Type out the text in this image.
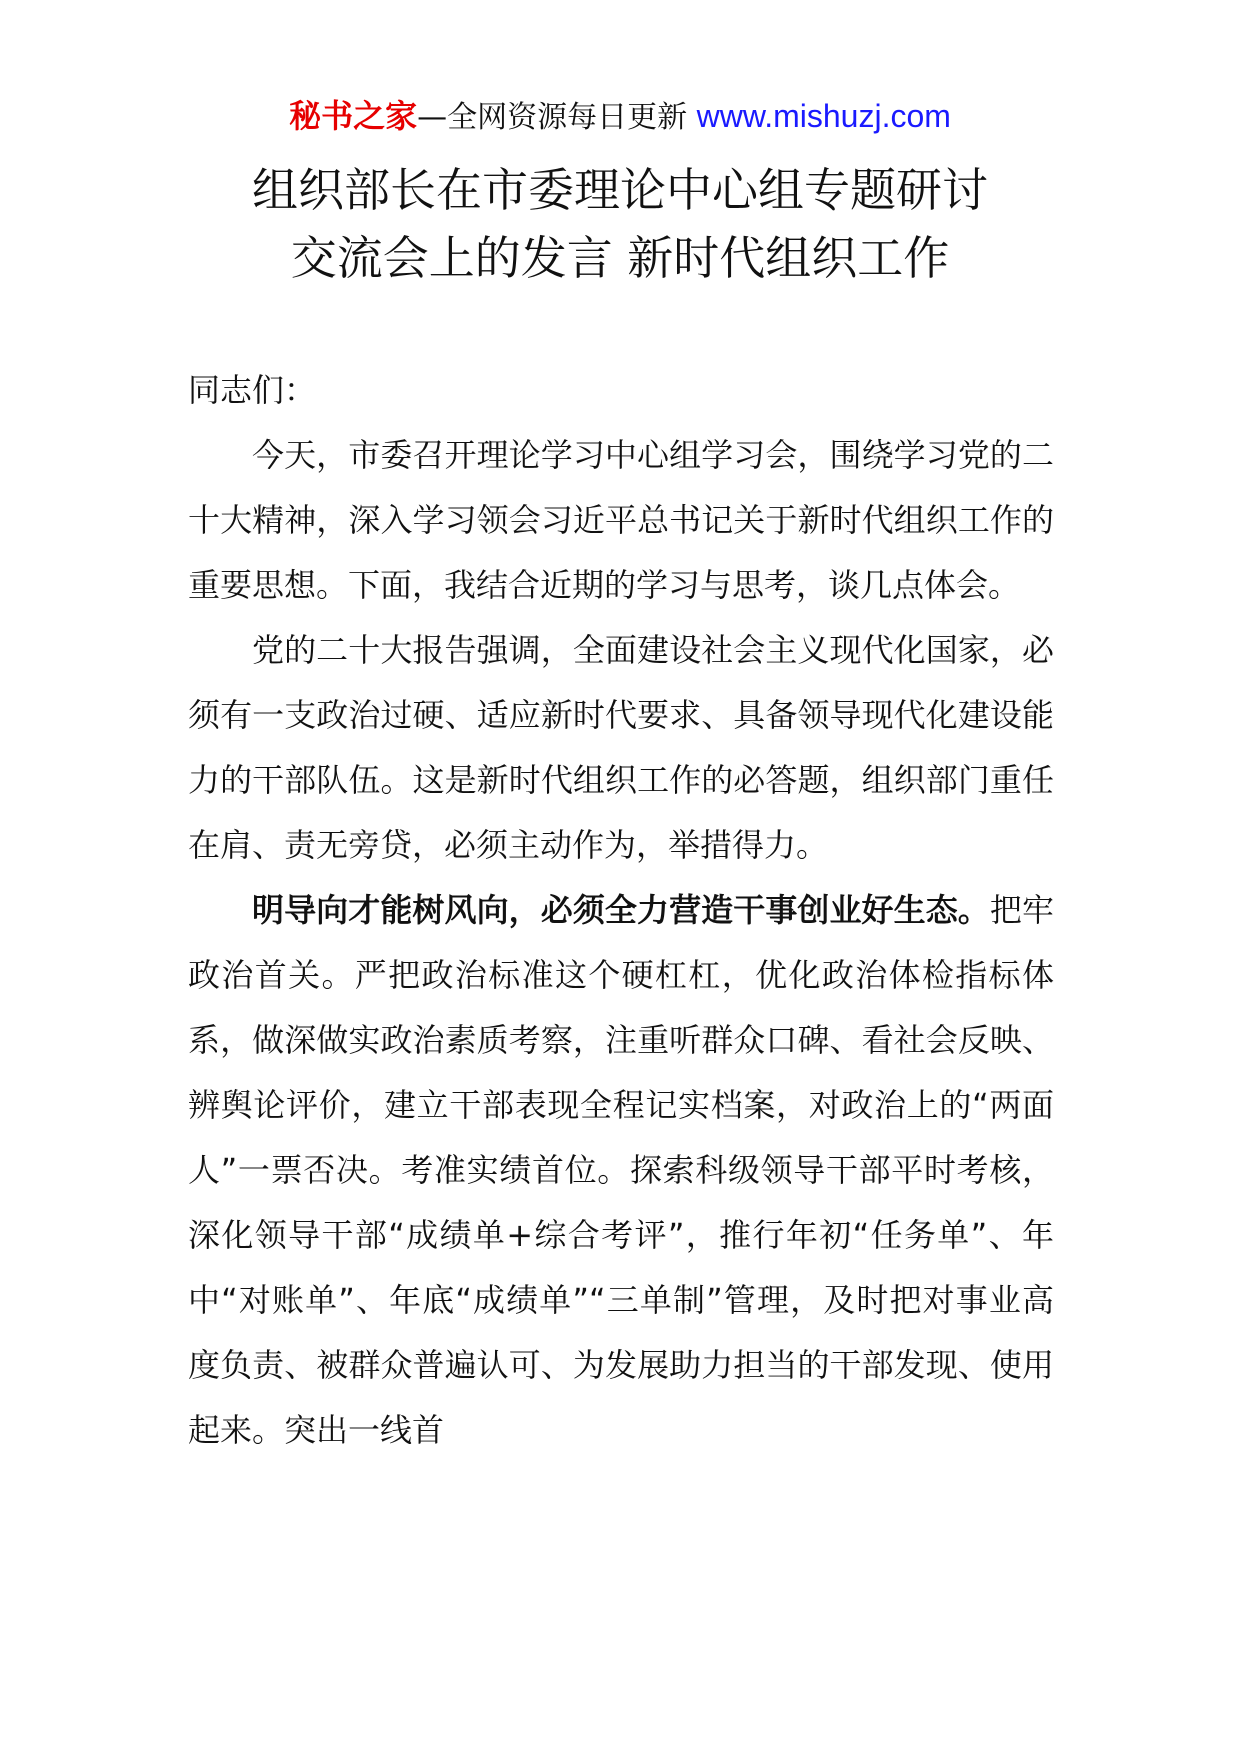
秘书之家—全网资源每日更新 www.mishuzj.com
组织部长在市委理论中心组专题研讨
交流会上的发言 新时代组织工作

同志们：

今天，市委召开理论学习中心组学习会，围绕学习党的二十大精神，深入学习领会习近平总书记关于新时代组织工作的重要思想。下面，我结合近期的学习与思考，谈几点体会。

党的二十大报告强调，全面建设社会主义现代化国家，必须有一支政治过硬、适应新时代要求、具备领导现代化建设能力的干部队伍。这是新时代组织工作的必答题，组织部门重任在肩、责无旁贷，必须主动作为，举措得力。

明导向才能树风向，必须全力营造干事创业好生态。把牢政治首关。严把政治标准这个硬杠杠，优化政治体检指标体系，做深做实政治素质考察，注重听群众口碑、看社会反映、辨舆论评价，建立干部表现全程记实档案，对政治上的“两面人”一票否决。考准实绩首位。探索科级领导干部平时考核，深化领导干部“成绩单+综合考评”，推行年初“任务单”、年中“对账单”、年底“成绩单”“三单制”管理，及时把对事业高度负责、被群众普遍认可、为发展助力担当的干部发现、使用起来。突出一线首
